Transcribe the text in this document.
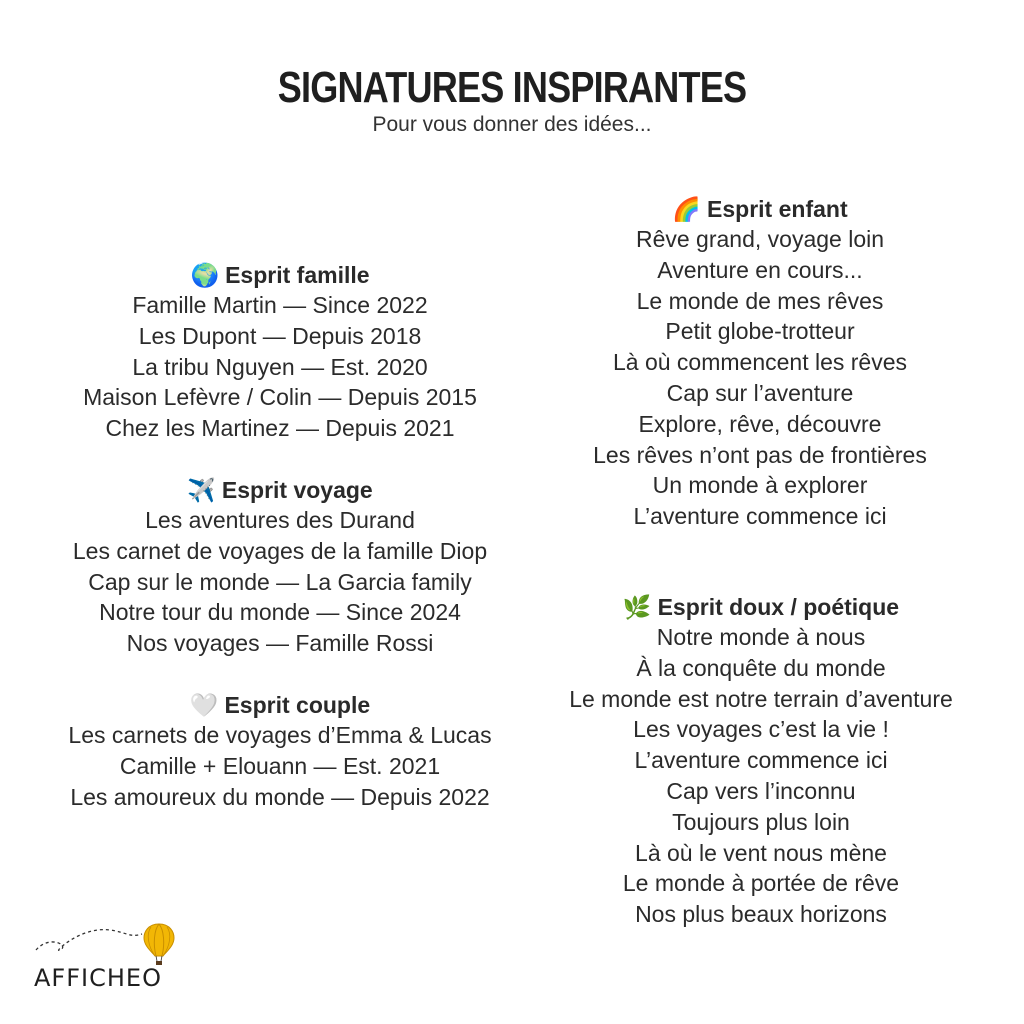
SIGNATURES INSPIRANTES
Pour vous donner des idées...
🌍 Esprit famille
Famille Martin — Since 2022
Les Dupont — Depuis 2018
La tribu Nguyen — Est. 2020
Maison Lefèvre / Colin — Depuis 2015
Chez les Martinez — Depuis 2021
✈️ Esprit voyage
Les aventures des Durand
Les carnet de voyages de la famille Diop
Cap sur le monde — La Garcia family
Notre tour du monde — Since 2024
Nos voyages — Famille Rossi
🤍 Esprit couple
Les carnets de voyages d’Emma & Lucas
Camille + Elouann — Est. 2021
Les amoureux du monde — Depuis 2022
🌈 Esprit enfant
Rêve grand, voyage loin
Aventure en cours...
Le monde de mes rêves
Petit globe-trotteur
Là où commencent les rêves
Cap sur l’aventure
Explore, rêve, découvre
Les rêves n’ont pas de frontières
Un monde à explorer
L’aventure commence ici
🌿 Esprit doux / poétique
Notre monde à nous
À la conquête du monde
Le monde est notre terrain d’aventure
Les voyages c’est la vie !
L’aventure commence ici
Cap vers l’inconnu
Toujours plus loin
Là où le vent nous mène
Le monde à portée de rêve
Nos plus beaux horizons
AFFICHEO
